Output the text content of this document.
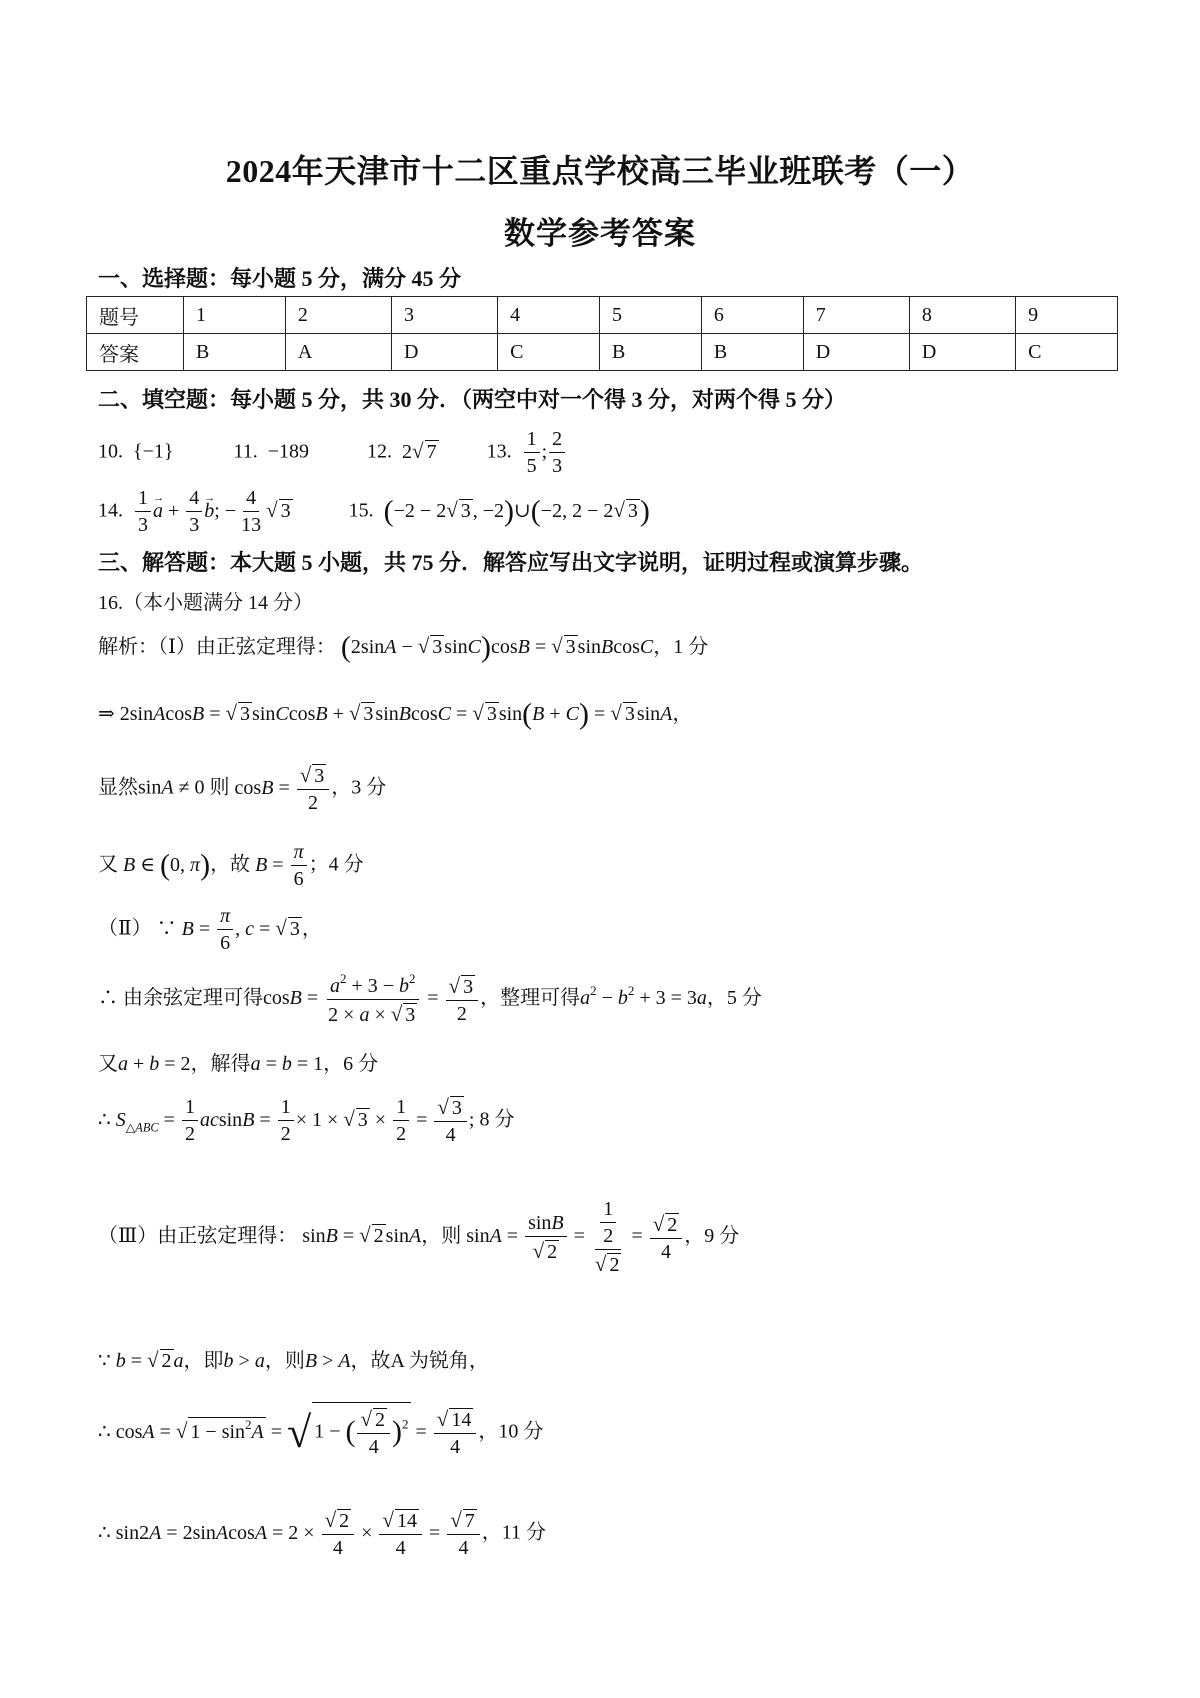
2024年天津市十二区重点学校高三毕业班联考（一）
数学参考答案
一、选择题：每小题 5 分，满分 45 分
题号	1	2	3	4	5	6	7	8	9
答案	B	A	D	C	B	B	D	D	C
二、填空题：每小题 5 分，共 30 分．（两空中对一个得 3 分，对两个得 5 分）
10. {−1}	11. −189	12. 2√ 7	13. $\frac{1}{5}$ ; $\frac{2}{3}$
14. $\frac{1}{3} \to a + \frac{4}{3} \to b$; − $\frac{4}{13}$ √ 3	15. (−2 − 2√ 3 , −2)∪(−2, 2 − 2√ 3)
三、解答题：本大题 5 小题，共 75 分．解答应写出文字说明，证明过程或演算步骤。
16.（本小题满分 14 分）
解析：（Ⅰ）由正弦定理得： (2sinA − √ 3 sinC)cosB = √ 3 sinBcosC，1 分
⇒ 2sinAcosB = √ 3 sinCcosB + √ 3 sinBcosC = √ 3 sin(B + C) = √ 3 sinA，
显然sinA ≠ 0 则 $\cos B = \frac{√ 3}{2}$ ，3 分
又 B ∈ (0, π)，故 $B = \frac{\pi}{6}$ ；4 分
（Ⅱ） ∵ $B = \frac{\pi}{6}$ , c = √ 3 ，
∴ 由余弦定理可得$\cos B = \frac{a^2 + 3 - b^2}{2 \times a \times √ 3} = \frac{√ 3}{2}$ ，整理可得$a^2 - b^2 + 3 = 3a$，5 分
又a + b = 2，解得a = b = 1，6 分
∴ $S_{\triangle ABC} = \frac{1}{2}$ $acsinB = \frac{1}{2} \times 1$ × √ $3 \times \frac{1}{2} = \frac{√ 3}{4}$ ; 8 分
（Ⅲ）由正弦定理得： sinB = √ 2 sinA，则 $\sin A = \frac{\sin B}{√ 2} = \frac{\frac{1}{2}}{√ 2} = \frac{√ 2}{4}$ ，9 分
∵ b = √ 2 a，即b > a，则B > A，故A 为锐角，
∴ cosA = √ $1 - \sin^2A$ = √ 1 − ( $\frac{√ 2}{4} )^2 = \frac{√ 14}{4}$ ，10 分
∴ sin2A = 2sinAcosA = $2 \times \frac{√ 2}{4} \times \frac{√ 14}{4} = \frac{√ 7}{4}$ ，11 分
